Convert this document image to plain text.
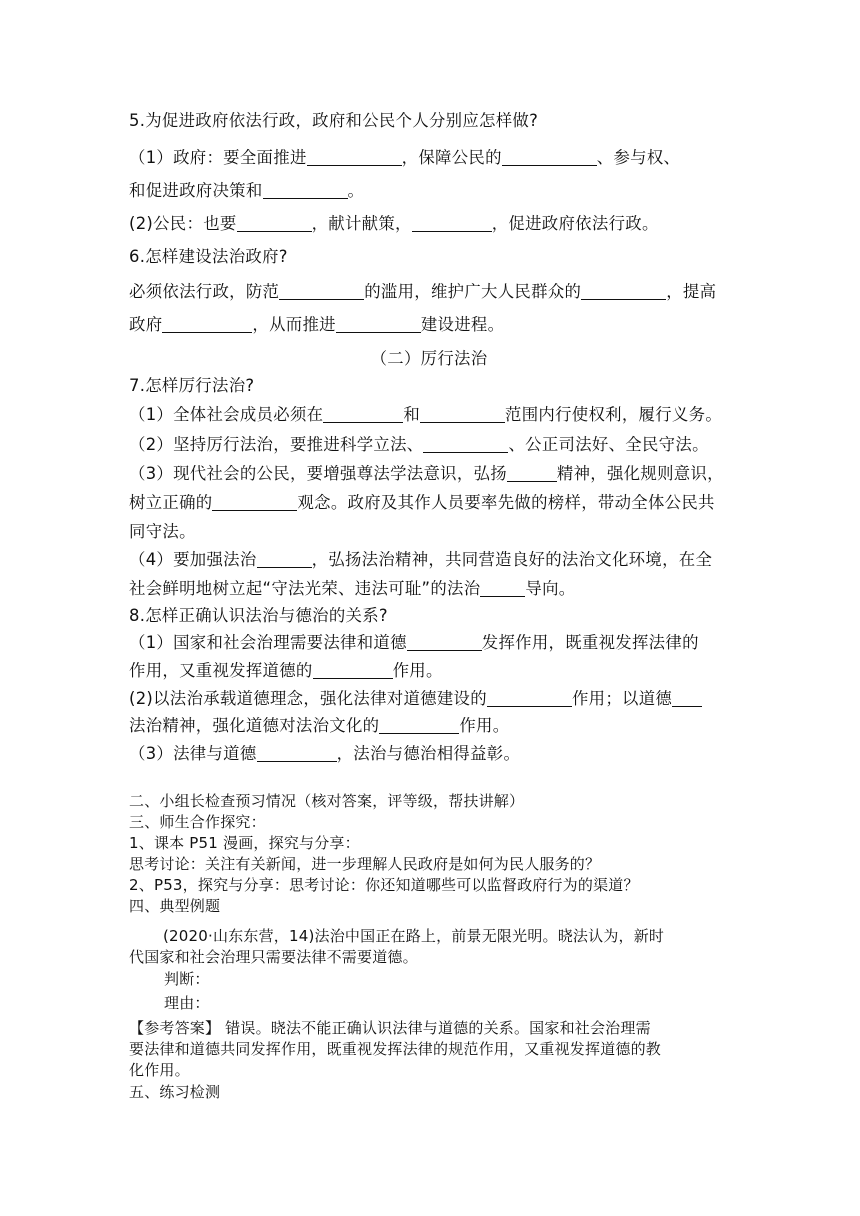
5.为促进政府依法行政，政府和公民个人分别应怎样做?
（1）政府：要全面推进	，保障公民的	、参与权、
和促进政府决策和	。
(2)公民：也要	，献计献策，	，促进政府依法行政。
6.怎样建设法治政府?
必须依法行政，防范	的滥用，维护广大人民群众的	，提高
政府	，从而推进	建设进程。
（二）厉行法治
7.怎样厉行法治?
（1）全体社会成员必须在	和	范围内行使权利，履行义务。
（2）坚持厉行法治，要推进科学立法、	、公正司法好、全民守法。
（3）现代社会的公民，要增强尊法学法意识，弘扬	精神，强化规则意识，
树立正确的	观念。政府及其作人员要率先做的榜样，带动全体公民共
同守法。
（4）要加强法治	，弘扬法治精神，共同营造良好的法治文化环境，在全
社会鲜明地树立起“守法光荣、违法可耻”的法治	导向。
8.怎样正确认识法治与德治的关系?
（1）国家和社会治理需要法律和道德	发挥作用，既重视发挥法律的
作用，又重视发挥道德的	作用。
(2)以法治承载道德理念，强化法律对道德建设的	作用；以道德
法治精神，强化道德对法治文化的	作用。
（3）法律与道德	，法治与德治相得益彰。
二、小组长检查预习情况（核对答案，评等级，帮扶讲解）
三、师生合作探究：
1、课本 P51 漫画，探究与分享：
思考讨论：关注有关新闻，进一步理解人民政府是如何为民人服务的？
2、P53，探究与分享：思考讨论：你还知道哪些可以监督政府行为的渠道？
四、典型例题
(2020·山东东营，14)法治中国正在路上，前景无限光明。晓法认为，新时
代国家和社会治理只需要法律不需要道德。
判断：
理由：
【参考答案】 错误。晓法不能正确认识法律与道德的关系。国家和社会治理需
要法律和道德共同发挥作用，既重视发挥法律的规范作用，又重视发挥道德的教
化作用。
五、练习检测
